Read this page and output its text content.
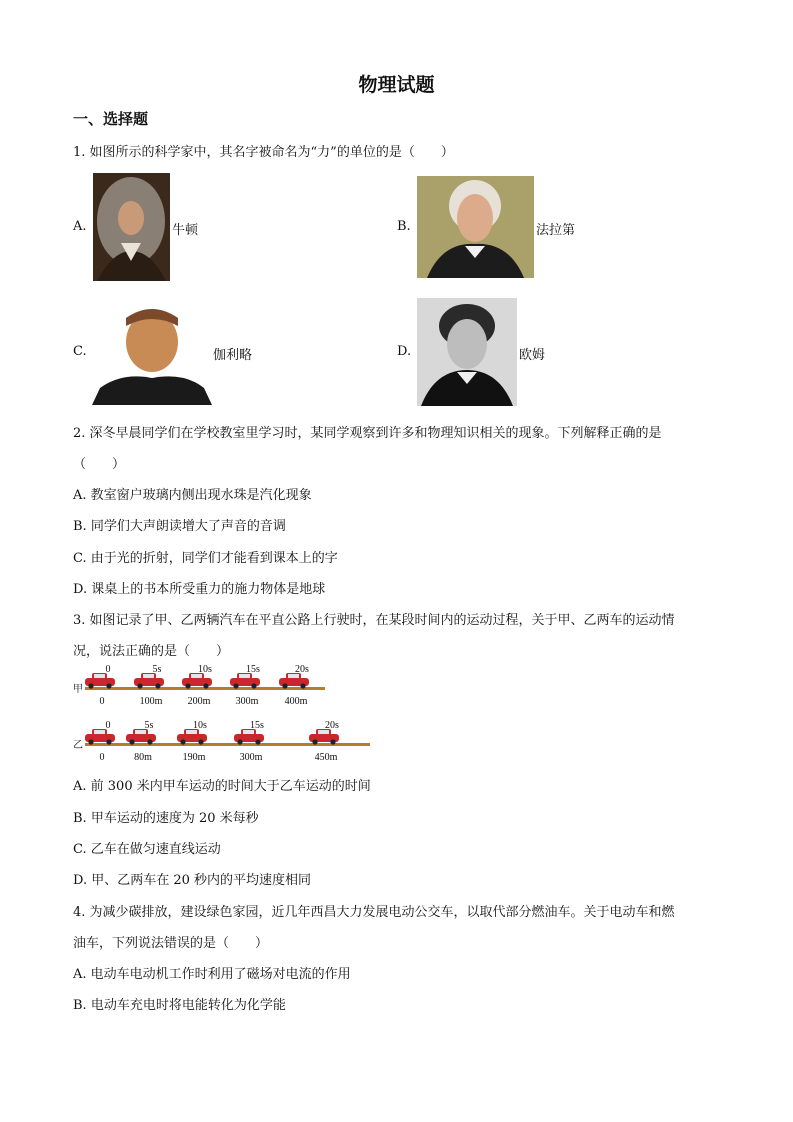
物理试题
一、选择题
1. 如图所示的科学家中，其名字被命名为“力”的单位的是（　　）
A.	牛顿	B.	法拉第
C.	伽利略	D.	欧姆
2. 深冬早晨同学们在学校教室里学习时，某同学观察到许多和物理知识相关的现象。下列解释正确的是
（　　）
A. 教室窗户玻璃内侧出现水珠是汽化现象
B. 同学们大声朗读增大了声音的音调
C. 由于光的折射，同学们才能看到课本上的字
D. 课桌上的书本所受重力的施力物体是地球
3. 如图记录了甲、乙两辆汽车在平直公路上行驶时，在某段时间内的运动过程，关于甲、乙两车的运动情
况，说法正确的是（　　）
甲
0
0
5s
100m
10s
200m
15s
300m
20s
400m
乙
0
0
5s
80m
10s
190m
15s
300m
20s
450m
A. 前 300 米内甲车运动的时间大于乙车运动的时间
B. 甲车运动的速度为 20 米每秒
C. 乙车在做匀速直线运动
D. 甲、乙两车在 20 秒内的平均速度相同
4. 为减少碳排放，建设绿色家园，近几年西昌大力发展电动公交车，以取代部分燃油车。关于电动车和燃
油车，下列说法错误的是（　　）
A. 电动车电动机工作时利用了磁场对电流的作用
B. 电动车充电时将电能转化为化学能
